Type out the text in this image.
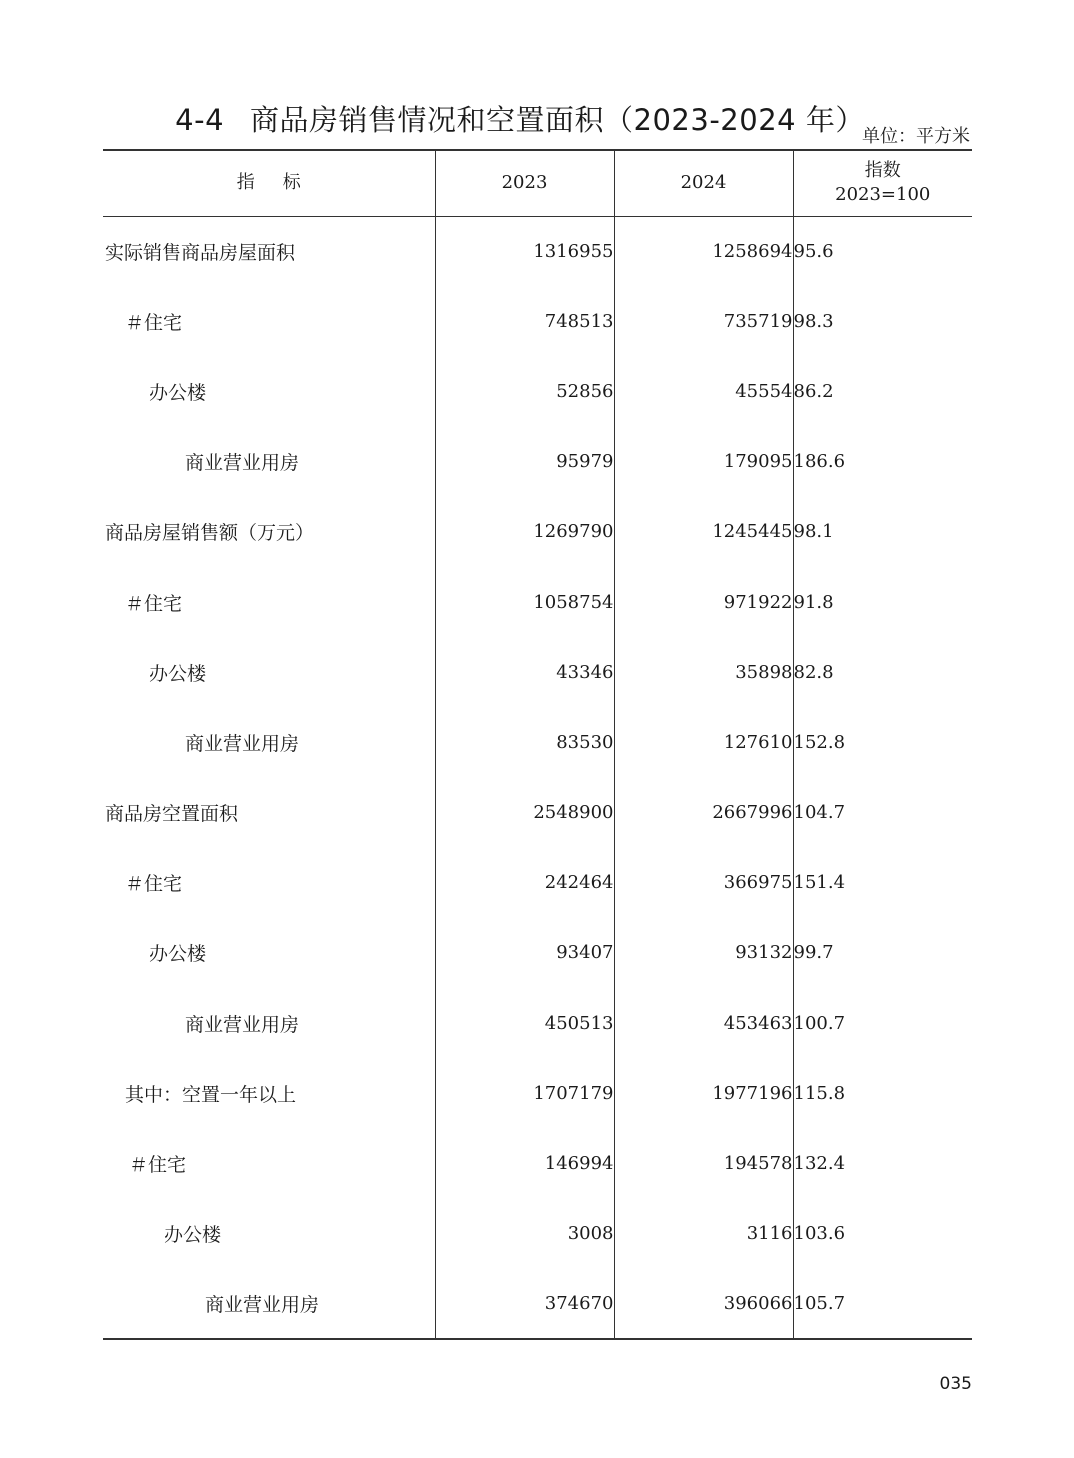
4-4 商品房销售情况和空置面积（2023-2024 年）
单位：平方米
指 标	2023	2024	指数
2023=100
实际销售商品房屋面积	1316955	1258694	95.6
＃住宅	748513	735719	98.3
办公楼	52856	45554	86.2
商业营业用房	95979	179095	186.6
商品房屋销售额（万元）	1269790	1245445	98.1
＃住宅	1058754	971922	91.8
办公楼	43346	35898	82.8
商业营业用房	83530	127610	152.8
商品房空置面积	2548900	2667996	104.7
＃住宅	242464	366975	151.4
办公楼	93407	93132	99.7
商业营业用房	450513	453463	100.7
其中：空置一年以上	1707179	1977196	115.8
＃住宅	146994	194578	132.4
办公楼	3008	3116	103.6
商业营业用房	374670	396066	105.7
035
